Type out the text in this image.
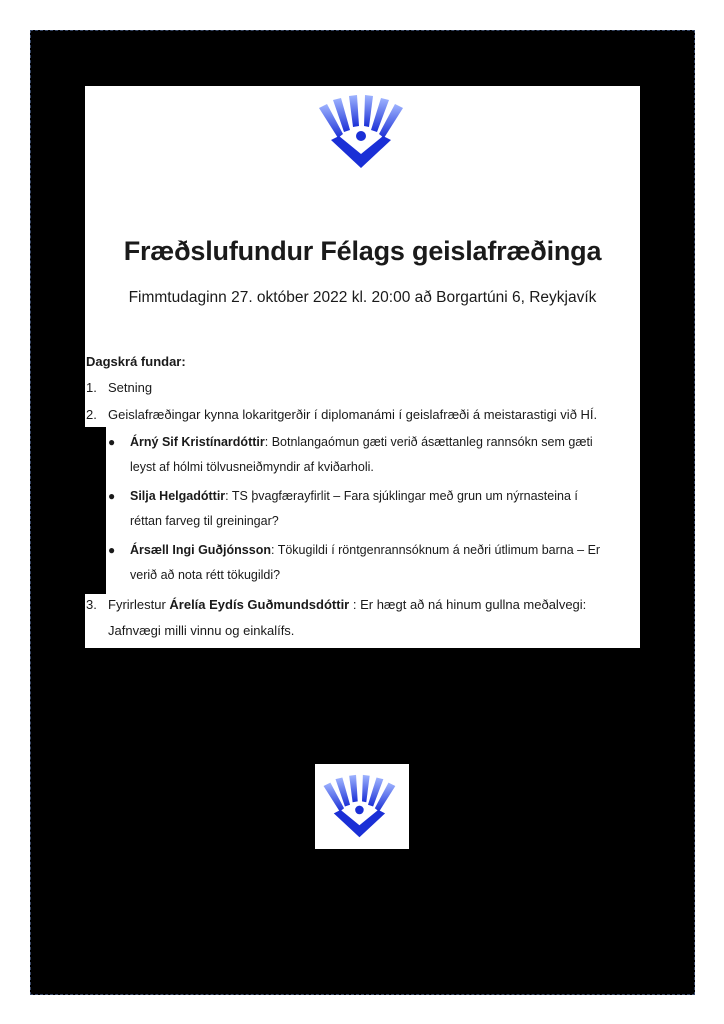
Fræðslufundur Félags geislafræðinga
Fimmtudaginn 27. október 2022 kl. 20:00 að Borgartúni 6, Reykjavík
Dagskrá fundar:
1. Setning
2. Geislafræðingar kynna lokaritgerðir í diplomanámi í geislafræði á meistarastigi við HÍ.
● Árný Sif Kristínardóttir: Botnlangaómun gæti verið ásættanleg rannsókn sem gæti
leyst af hólmi tölvusneiðmyndir af kviðarholi.
● Silja Helgadóttir: TS þvagfærayfirlit – Fara sjúklingar með grun um nýrnasteina í
réttan farveg til greiningar?
● Ársæll Ingi Guðjónsson: Tökugildi í röntgenrannsóknum á neðri útlimum barna – Er
verið að nota rétt tökugildi?
3. Fyrirlestur Árelía Eydís Guðmundsdóttir : Er hægt að ná hinum gullna meðalvegi:
Jafnvægi milli vinnu og einkalífs.
